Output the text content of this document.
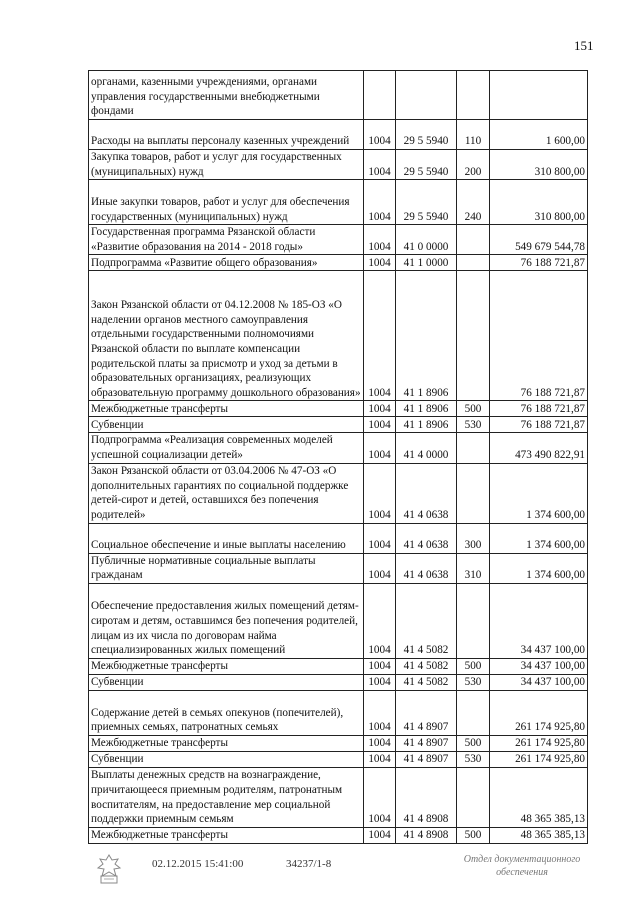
151
органами, казенными учреждениями, органами управления государственными внебюджетными фондами				

Расходы на выплаты персоналу казенных учреждений	1004	29 5 5940	110	1 600,00

Закупка товаров, работ и услуг для государственных (муниципальных) нужд	1004	29 5 5940	200	310 800,00

Иные закупки товаров, работ и услуг для обеспечения государственных (муниципальных) нужд	1004	29 5 5940	240	310 800,00

Государственная программа Рязанской области «Развитие образования на 2014 - 2018 годы»	1004	41 0 0000		549 679 544,78

Подпрограмма «Развитие общего образования»	1004	41 1 0000		76 188 721,87

Закон Рязанской области от 04.12.2008 № 185-ОЗ «О наделении органов местного самоуправления отдельными государственными полномочиями Рязанской области по выплате компенсации родительской платы за присмотр и уход за детьми в образовательных организациях, реализующих образовательную программу дошкольного образования»	1004	41 1 8906		76 188 721,87

Межбюджетные трансферты	1004	41 1 8906	500	76 188 721,87

Субвенции	1004	41 1 8906	530	76 188 721,87

Подпрограмма «Реализация современных моделей успешной социализации детей»	1004	41 4 0000		473 490 822,91

Закон Рязанской области от 03.04.2006 № 47-ОЗ «О дополнительных гарантиях по социальной поддержке детей-сирот и детей, оставшихся без попечения родителей»	1004	41 4 0638		1 374 600,00

Социальное обеспечение и иные выплаты населению	1004	41 4 0638	300	1 374 600,00

Публичные нормативные социальные выплаты гражданам	1004	41 4 0638	310	1 374 600,00

Обеспечение предоставления жилых помещений детям-сиротам и детям, оставшимся без попечения родителей, лицам из их числа по договорам найма специализированных жилых помещений	1004	41 4 5082		34 437 100,00

Межбюджетные трансферты	1004	41 4 5082	500	34 437 100,00

Субвенции	1004	41 4 5082	530	34 437 100,00

Содержание детей в семьях опекунов (попечителей), приемных семьях, патронатных семьях	1004	41 4 8907		261 174 925,80

Межбюджетные трансферты	1004	41 4 8907	500	261 174 925,80

Субвенции	1004	41 4 8907	530	261 174 925,80

Выплаты денежных средств на вознаграждение, причитающееся приемным родителям, патронатным воспитателям, на предоставление мер социальной поддержки приемным семьям	1004	41 4 8908		48 365 385,13

Межбюджетные трансферты	1004	41 4 8908	500	48 365 385,13
02.12.2015 15:41:00	34237/1-8	Отдел документационного обеспечения
